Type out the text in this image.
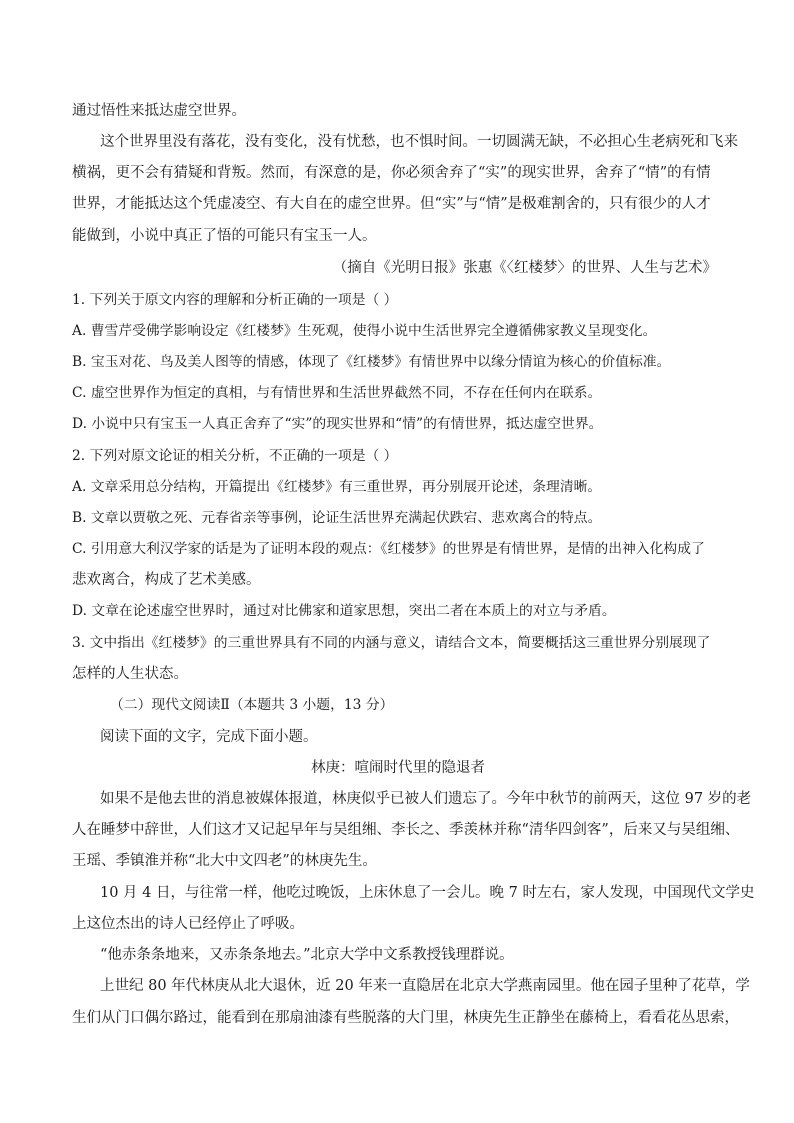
通过悟性来抵达虚空世界。
这个世界里没有落花，没有变化，没有忧愁，也不惧时间。一切圆满无缺，不必担心生老病死和飞来
横祸，更不会有猜疑和背叛。然而，有深意的是，你必须舍弃了“实”的现实世界，舍弃了“情”的有情
世界，才能抵达这个凭虚凌空、有大自在的虚空世界。但“实”与“情”是极难割舍的，只有很少的人才
能做到，小说中真正了悟的可能只有宝玉一人。
（摘自《光明日报》张惠《〈红楼梦〉的世界、人生与艺术》
1. 下列关于原文内容的理解和分析正确的一项是（ ）
A. 曹雪芹受佛学影响设定《红楼梦》生死观，使得小说中生活世界完全遵循佛家教义呈现变化。
B. 宝玉对花、鸟及美人图等的情感，体现了《红楼梦》有情世界中以缘分情谊为核心的价值标准。
C. 虚空世界作为恒定的真相，与有情世界和生活世界截然不同，不存在任何内在联系。
D. 小说中只有宝玉一人真正舍弃了“实”的现实世界和“情”的有情世界，抵达虚空世界。
2. 下列对原文论证的相关分析，不正确的一项是（ ）
A. 文章采用总分结构，开篇提出《红楼梦》有三重世界，再分别展开论述，条理清晰。
B. 文章以贾敬之死、元春省亲等事例，论证生活世界充满起伏跌宕、悲欢离合的特点。
C. 引用意大利汉学家的话是为了证明本段的观点：《红楼梦》的世界是有情世界，是情的出神入化构成了
悲欢离合，构成了艺术美感。
D. 文章在论述虚空世界时，通过对比佛家和道家思想，突出二者在本质上的对立与矛盾。
3. 文中指出《红楼梦》的三重世界具有不同的内涵与意义，请结合文本，简要概括这三重世界分别展现了
怎样的人生状态。
（二）现代文阅读Ⅱ（本题共 3 小题，13 分）
阅读下面的文字，完成下面小题。
林庚：喧闹时代里的隐退者
如果不是他去世的消息被媒体报道，林庚似乎已被人们遗忘了。今年中秋节的前两天，这位 97 岁的老
人在睡梦中辞世，人们这才又记起早年与吴组缃、李长之、季羡林并称“清华四剑客”，后来又与吴组缃、
王瑶、季镇淮并称“北大中文四老”的林庚先生。
10 月 4 日，与往常一样，他吃过晚饭，上床休息了一会儿。晚 7 时左右，家人发现，中国现代文学史
上这位杰出的诗人已经停止了呼吸。
“他赤条条地来，又赤条条地去。”北京大学中文系教授钱理群说。
上世纪 80 年代林庚从北大退休，近 20 年来一直隐居在北京大学燕南园里。他在园子里种了花草，学
生们从门口偶尔路过，能看到在那扇油漆有些脱落的大门里，林庚先生正静坐在藤椅上，看看花丛思索，
